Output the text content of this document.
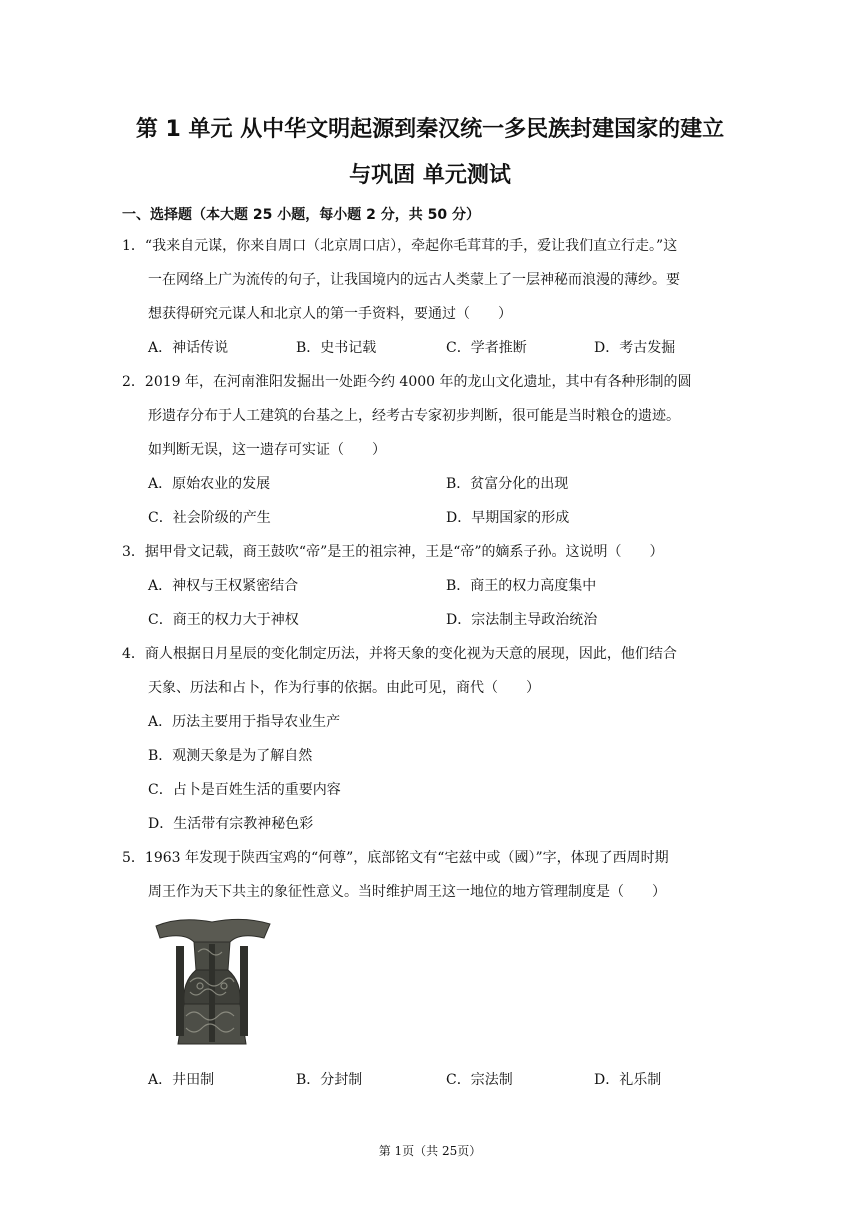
第 1 单元 从中华文明起源到秦汉统一多民族封建国家的建立
与巩固 单元测试
一、选择题（本大题 25 小题，每小题 2 分，共 50 分）
1．“我来自元谋，你来自周口（北京周口店），牵起你毛茸茸的手，爱让我们直立行走。”这
一在网络上广为流传的句子，让我国境内的远古人类蒙上了一层神秘而浪漫的薄纱。要
想获得研究元谋人和北京人的第一手资料，要通过（　　）
A．神话传说	B．史书记载	C．学者推断	D．考古发掘
2．2019 年，在河南淮阳发掘出一处距今约 4000 年的龙山文化遗址，其中有各种形制的圆
形遗存分布于人工建筑的台基之上，经考古专家初步判断，很可能是当时粮仓的遗迹。
如判断无误，这一遗存可实证（　　）
A．原始农业的发展	B．贫富分化的出现
C．社会阶级的产生	D．早期国家的形成
3．据甲骨文记载，商王鼓吹“帝”是王的祖宗神，王是“帝”的嫡系子孙。这说明（　　）
A．神权与王权紧密结合	B．商王的权力高度集中
C．商王的权力大于神权	D．宗法制主导政治统治
4．商人根据日月星辰的变化制定历法，并将天象的变化视为天意的展现，因此，他们结合
天象、历法和占卜，作为行事的依据。由此可见，商代（　　）
A．历法主要用于指导农业生产
B．观测天象是为了解自然
C．占卜是百姓生活的重要内容
D．生活带有宗教神秘色彩
5．1963 年发现于陕西宝鸡的“何尊”，底部铭文有“宅兹中或（國）”字，体现了西周时期
周王作为天下共主的象征性意义。当时维护周王这一地位的地方管理制度是（　　）
A．井田制	B．分封制	C．宗法制	D．礼乐制
第 1页（共 25页）
